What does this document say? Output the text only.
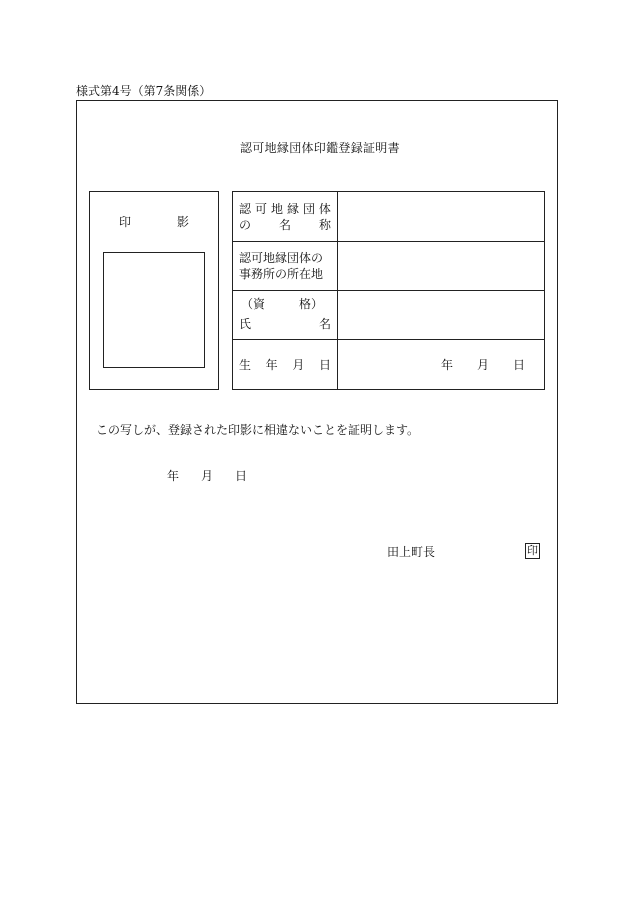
様式第4号（第7条関係）
認可地縁団体印鑑登録証明書
印	影
認 可 地 縁 団 体
の 名 称
認可地縁団体の
事務所の所在地
（資	格）
氏	名
生 年 月 日	年 月 日
この写しが、登録された印影に相違ないことを証明します。
年 月 日
田上町長	印
